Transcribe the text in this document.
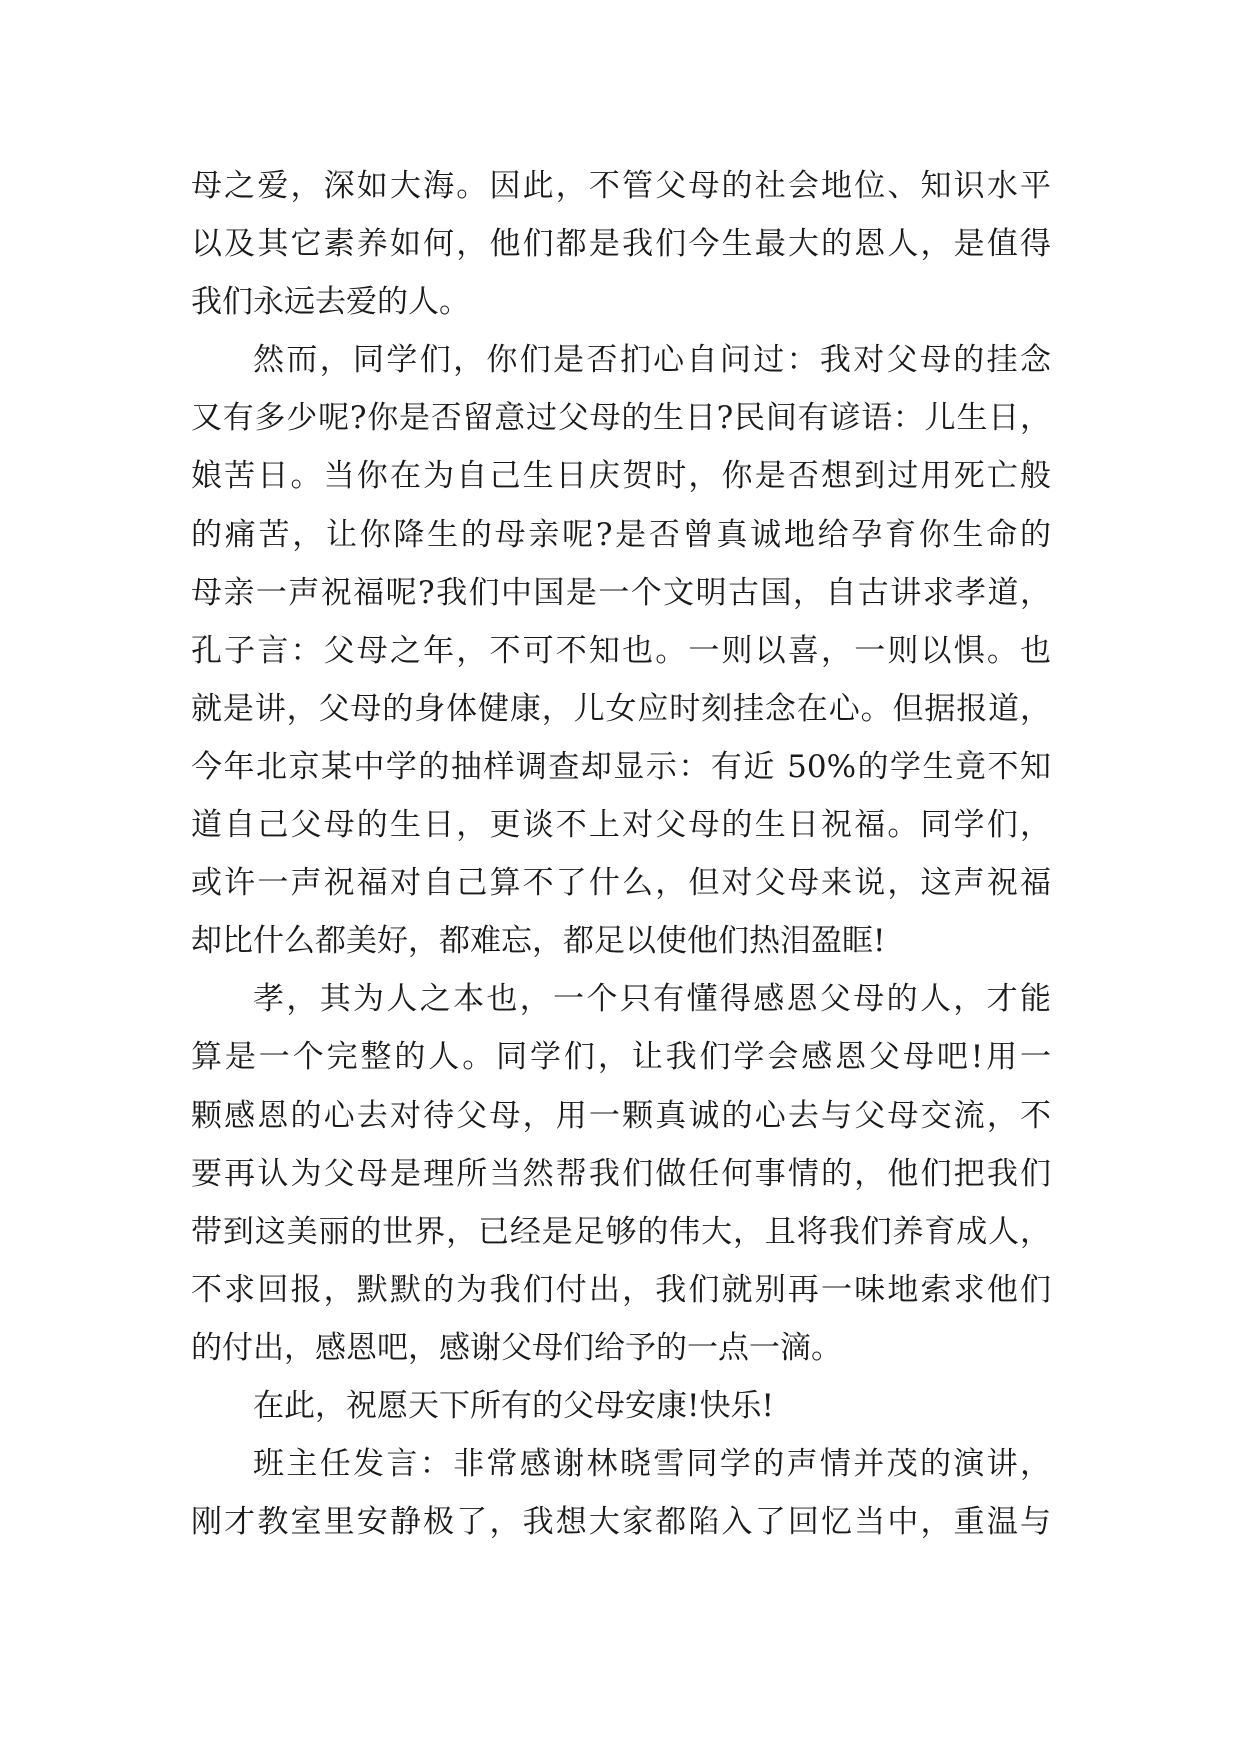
母之爱，深如大海。因此，不管父母的社会地位、知识水平
以及其它素养如何，他们都是我们今生最大的恩人，是值得
我们永远去爱的人。
然而，同学们，你们是否扪心自问过：我对父母的挂念
又有多少呢?你是否留意过父母的生日?民间有谚语：儿生日，
娘苦日。当你在为自己生日庆贺时，你是否想到过用死亡般
的痛苦，让你降生的母亲呢?是否曾真诚地给孕育你生命的
母亲一声祝福呢?我们中国是一个文明古国，自古讲求孝道，
孔子言：父母之年，不可不知也。一则以喜，一则以惧。也
就是讲，父母的身体健康，儿女应时刻挂念在心。但据报道，
今年北京某中学的抽样调查却显示：有近 50%的学生竟不知
道自己父母的生日，更谈不上对父母的生日祝福。同学们，
或许一声祝福对自己算不了什么，但对父母来说，这声祝福
却比什么都美好，都难忘，都足以使他们热泪盈眶!
孝，其为人之本也，一个只有懂得感恩父母的人，才能
算是一个完整的人。同学们，让我们学会感恩父母吧!用一
颗感恩的心去对待父母，用一颗真诚的心去与父母交流，不
要再认为父母是理所当然帮我们做任何事情的，他们把我们
带到这美丽的世界，已经是足够的伟大，且将我们养育成人，
不求回报，默默的为我们付出，我们就别再一味地索求他们
的付出，感恩吧，感谢父母们给予的一点一滴。
在此，祝愿天下所有的父母安康!快乐!
班主任发言：非常感谢林晓雪同学的声情并茂的演讲，
刚才教室里安静极了，我想大家都陷入了回忆当中，重温与
